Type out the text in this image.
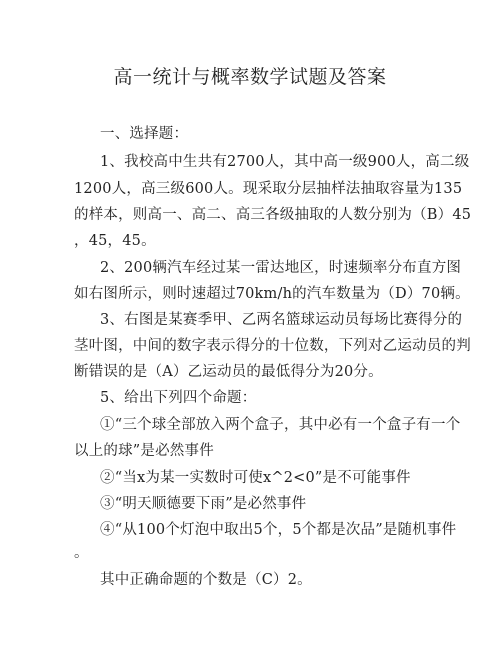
高一统计与概率数学试题及答案
一、选择题：
1、我校高中生共有2700人，其中高一级900人，高二级
1200人，高三级600人。现采取分层抽样法抽取容量为135
的样本，则高一、高二、高三各级抽取的人数分别为（B）45
，45，45。
2、200辆汽车经过某一雷达地区，时速频率分布直方图
如右图所示，则时速超过70km/h的汽车数量为（D）70辆。
3、右图是某赛季甲、乙两名篮球运动员每场比赛得分的
茎叶图，中间的数字表示得分的十位数，下列对乙运动员的判
断错误的是（A）乙运动员的最低得分为20分。
5、给出下列四个命题：
①“三个球全部放入两个盒子，其中必有一个盒子有一个
以上的球”是必然事件
②“当x为某一实数时可使x^2<0”是不可能事件
③“明天顺德要下雨”是必然事件
④“从100个灯泡中取出5个，5个都是次品”是随机事件
。
其中正确命题的个数是（C）2。
